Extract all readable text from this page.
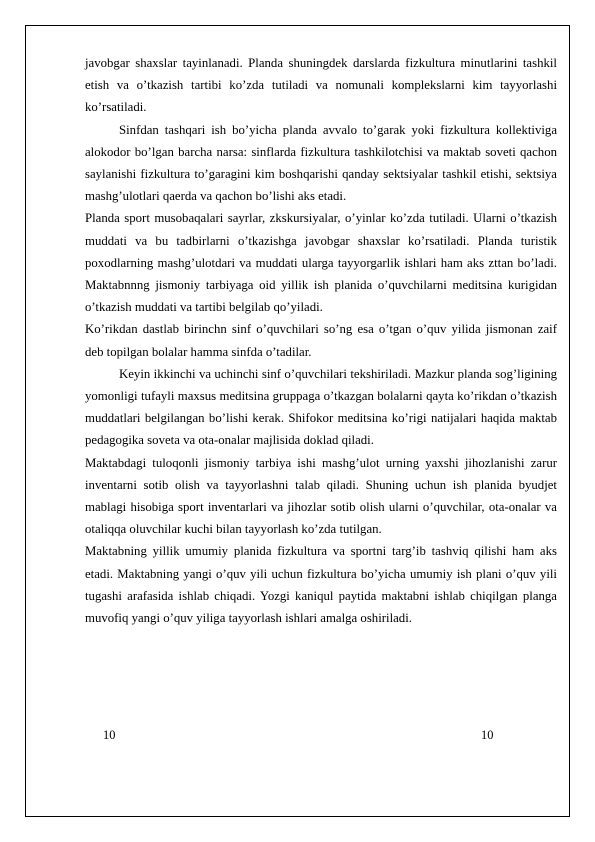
javobgar shaxslar tayinlanadi. Planda shuningdek darslarda fizkultura minutlarini tashkil etish va o’tkazish tartibi ko’zda tutiladi va nomunali komplekslarni kim tayyorlashi ko’rsatiladi.

Sinfdan tashqari ish bo’yicha planda avvalo to’garak yoki fizkultura kollektiviga alokodor bo’lgan barcha narsa: sinflarda fizkultura tashkilotchisi va maktab soveti qachon saylanishi fizkultura to’garagini kim boshqarishi qanday sektsiyalar tashkil etishi, sektsiya mashg’ulotlari qaerda va qachon bo’lishi aks etadi.

Planda sport musobaqalari sayrlar, zkskursiyalar, o’yinlar ko’zda tutiladi. Ularni o’tkazish muddati va bu tadbirlarni o’tkazishga javobgar shaxslar ko’rsatiladi. Planda turistik poxodlarning mashg’ulotdari va muddati ularga tayyorgarlik ishlari ham aks zttan bo’ladi. Maktabnnng jismoniy tarbiyaga oid yillik ish planida o’quvchilarni meditsina kurigidan o’tkazish muddati va tartibi belgilab qo’yiladi.

Ko’rikdan dastlab birinchn sinf o’quvchilari so’ng esa o’tgan o’quv yilida jismonan zaif deb topilgan bolalar hamma sinfda o’tadilar.

Keyin ikkinchi va uchinchi sinf o’quvchilari tekshiriladi. Mazkur planda sog’ligining yomonligi tufayli maxsus meditsina gruppaga o’tkazgan bolalarni qayta ko’rikdan o’tkazish muddatlari belgilangan bo’lishi kerak. Shifokor meditsina ko’rigi natijalari haqida maktab pedagogika soveta va ota-onalar majlisida doklad qiladi.

Maktabdagi tuloqonli jismoniy tarbiya ishi mashg’ulot urning yaxshi jihozlanishi zarur inventarni sotib olish va tayyorlashni talab qiladi. Shuning uchun ish planida byudjet mablagi hisobiga sport inventarlari va jihozlar sotib olish ularni o’quvchilar, ota-onalar va otaliqqa oluvchilar kuchi bilan tayyorlash ko’zda tutilgan.

Maktabning yillik umumiy planida fizkultura va sportni targ’ib tashviq qilishi ham aks etadi. Maktabning yangi o’quv yili uchun fizkultura bo’yicha umumiy ish plani o’quv yili tugashi arafasida ishlab chiqadi. Yozgi kaniqul paytida maktabni ishlab chiqilgan planga muvofiq yangi o’quv yiliga tayyorlash ishlari amalga oshiriladi.

10	10
